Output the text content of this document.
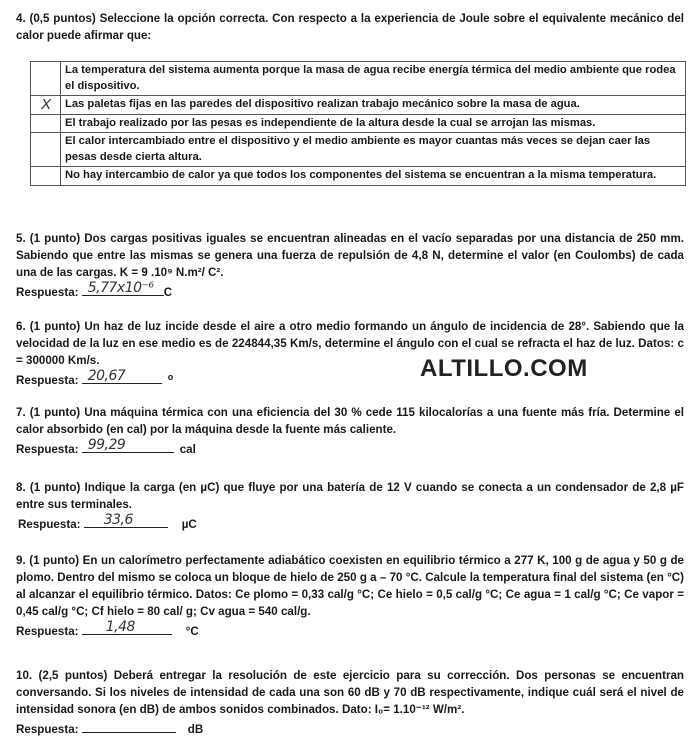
4. (0,5 puntos) Seleccione la opción correcta. Con respecto a la experiencia de Joule sobre el equivalente mecánico del calor puede afirmar que:

	La temperatura del sistema aumenta porque la masa de agua recibe energía térmica del medio ambiente que rodea el dispositivo.
X	Las paletas fijas en las paredes del dispositivo realizan trabajo mecánico sobre la masa de agua.
	El trabajo realizado por las pesas es independiente de la altura desde la cual se arrojan las mismas.
	El calor intercambiado entre el dispositivo y el medio ambiente es mayor cuantas más veces se dejan caer las pesas desde cierta altura.
	No hay intercambio de calor ya que todos los componentes del sistema se encuentran a la misma temperatura.

5. (1 punto) Dos cargas positivas iguales se encuentran alineadas en el vacío separadas por una distancia de 250 mm. Sabiendo que entre las mismas se genera una fuerza de repulsión de 4,8 N, determine el valor (en Coulombs) de cada una de las cargas. K = 9 .10⁹ N.m²/ C².

Respuesta: 5,77x10⁻⁶ C

6. (1 punto) Un haz de luz incide desde el aire a otro medio formando un ángulo de incidencia de 28°. Sabiendo que la velocidad de la luz en ese medio es de 224844,35 Km/s, determine el ángulo con el cual se refracta el haz de luz. Datos: c = 300000 Km/s.

Respuesta: 20,67	$^o$	ALTILLO.COM

7. (1 punto) Una máquina térmica con una eficiencia del 30 % cede 115 kilocalorías a una fuente más fría. Determine el calor absorbido (en cal) por la máquina desde la fuente más caliente.

Respuesta: 99,29	cal

8. (1 punto) Indique la carga (en µC) que fluye por una batería de 12 V cuando se conecta a un condensador de 2,8 µF entre sus terminales.

Respuesta: 33,6	µC

9. (1 punto) En un calorímetro perfectamente adiabático coexisten en equilibrio térmico a 277 K, 100 g de agua y 50 g de plomo. Dentro del mismo se coloca un bloque de hielo de 250 g a – 70 °C. Calcule la temperatura final del sistema (en °C) al alcanzar el equilibrio térmico. Datos: Ce plomo = 0,33 cal/g °C; Ce hielo = 0,5 cal/g °C; Ce agua = 1 cal/g °C; Ce vapor = 0,45 cal/g °C; Cf hielo = 80 cal/ g; Cv agua = 540 cal/g.

Respuesta: 1,48	°C

10. (2,5 puntos) Deberá entregar la resolución de este ejercicio para su corrección. Dos personas se encuentran conversando. Si los niveles de intensidad de cada una son 60 dB y 70 dB respectivamente, indique cuál será el nivel de intensidad sonora (en dB) de ambos sonidos combinados. Dato: I₀= 1.10⁻¹² W/m².

Respuesta:	dB
